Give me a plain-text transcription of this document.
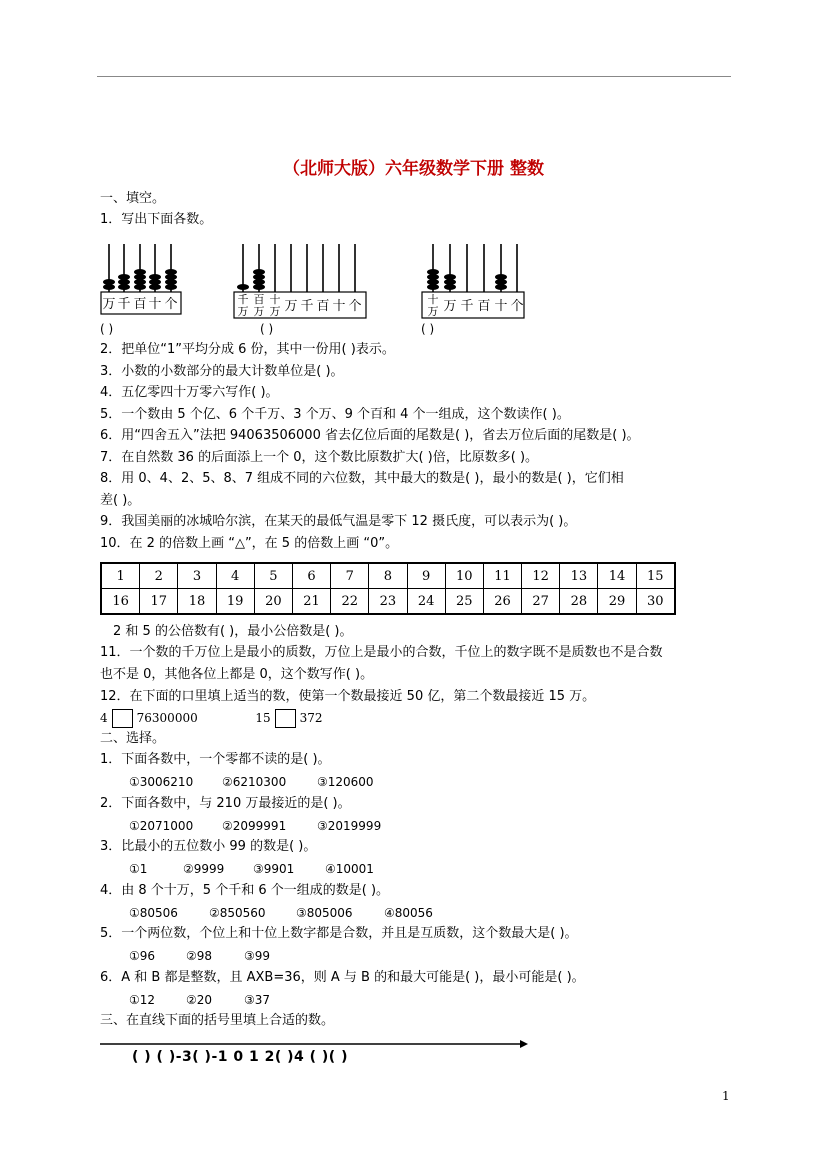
（北师大版）六年级数学下册 整数
一、填空。
1．写出下面各数。
万 千 百 十 个
( )
千
万
百
万
十
万 万 千 百 十 个
( )
十
万 万 千 百 十 个
( )
2．把单位“1”平均分成 6 份，其中一份用( )表示。
3．小数的小数部分的最大计数单位是( )。
4．五亿零四十万零六写作( )。
5．一个数由 5 个亿、6 个千万、3 个万、9 个百和 4 个一组成，这个数读作( )。
6．用“四舍五入”法把 94063506000 省去亿位后面的尾数是( )，省去万位后面的尾数是( )。
7．在自然数 36 的后面添上一个 0，这个数比原数扩大( )倍，比原数多( )。
8．用 0、4、2、5、8、7 组成不同的六位数，其中最大的数是( )，最小的数是( )，它们相
差( )。
9．我国美丽的冰城哈尔滨，在某天的最低气温是零下 12 摄氏度，可以表示为( )。
10．在 2 的倍数上画 “△”，在 5 的倍数上画 “0”。
1	2	3	4	5	6	7	8	9	10	11	12	13	14	15
16	17	18	19	20	21	22	23	24	25	26	27	28	29	30
2 和 5 的公倍数有( )，最小公倍数是( )。
11．一个数的千万位上是最小的质数，万位上是最小的合数，千位上的数字既不是质数也不是合数
也不是 0，其他各位上都是 0，这个数写作( )。
12．在下面的口里填上适当的数，使第一个数最接近 50 亿，第二个数最接近 15 万。
4 76300000	15 372
二、选择。
1．下面各数中，一个零都不读的是( )。
①3006210 ②6210300	③120600
2．下面各数中，与 210 万最接近的是( )。
①2071000 ②2099991	③2019999
3．比最小的五位数小 99 的数是( )。
①1	②9999 ③9901	④10001
4．由 8 个十万，5 个千和 6 个一组成的数是( )。
①80506	②850560	③805006	④80056
5．一个两位数，个位上和十位上数字都是合数，并且是互质数，这个数最大是( )。
①96	②98	③99
6．A 和 B 都是整数，且 AXB=36，则 A 与 B 的和最大可能是( )，最小可能是( )。
①12	②20	③37
三、在直线下面的括号里填上合适的数。
( ) ( )-3( )-1 0 1 2( )4 ( )( )
1
